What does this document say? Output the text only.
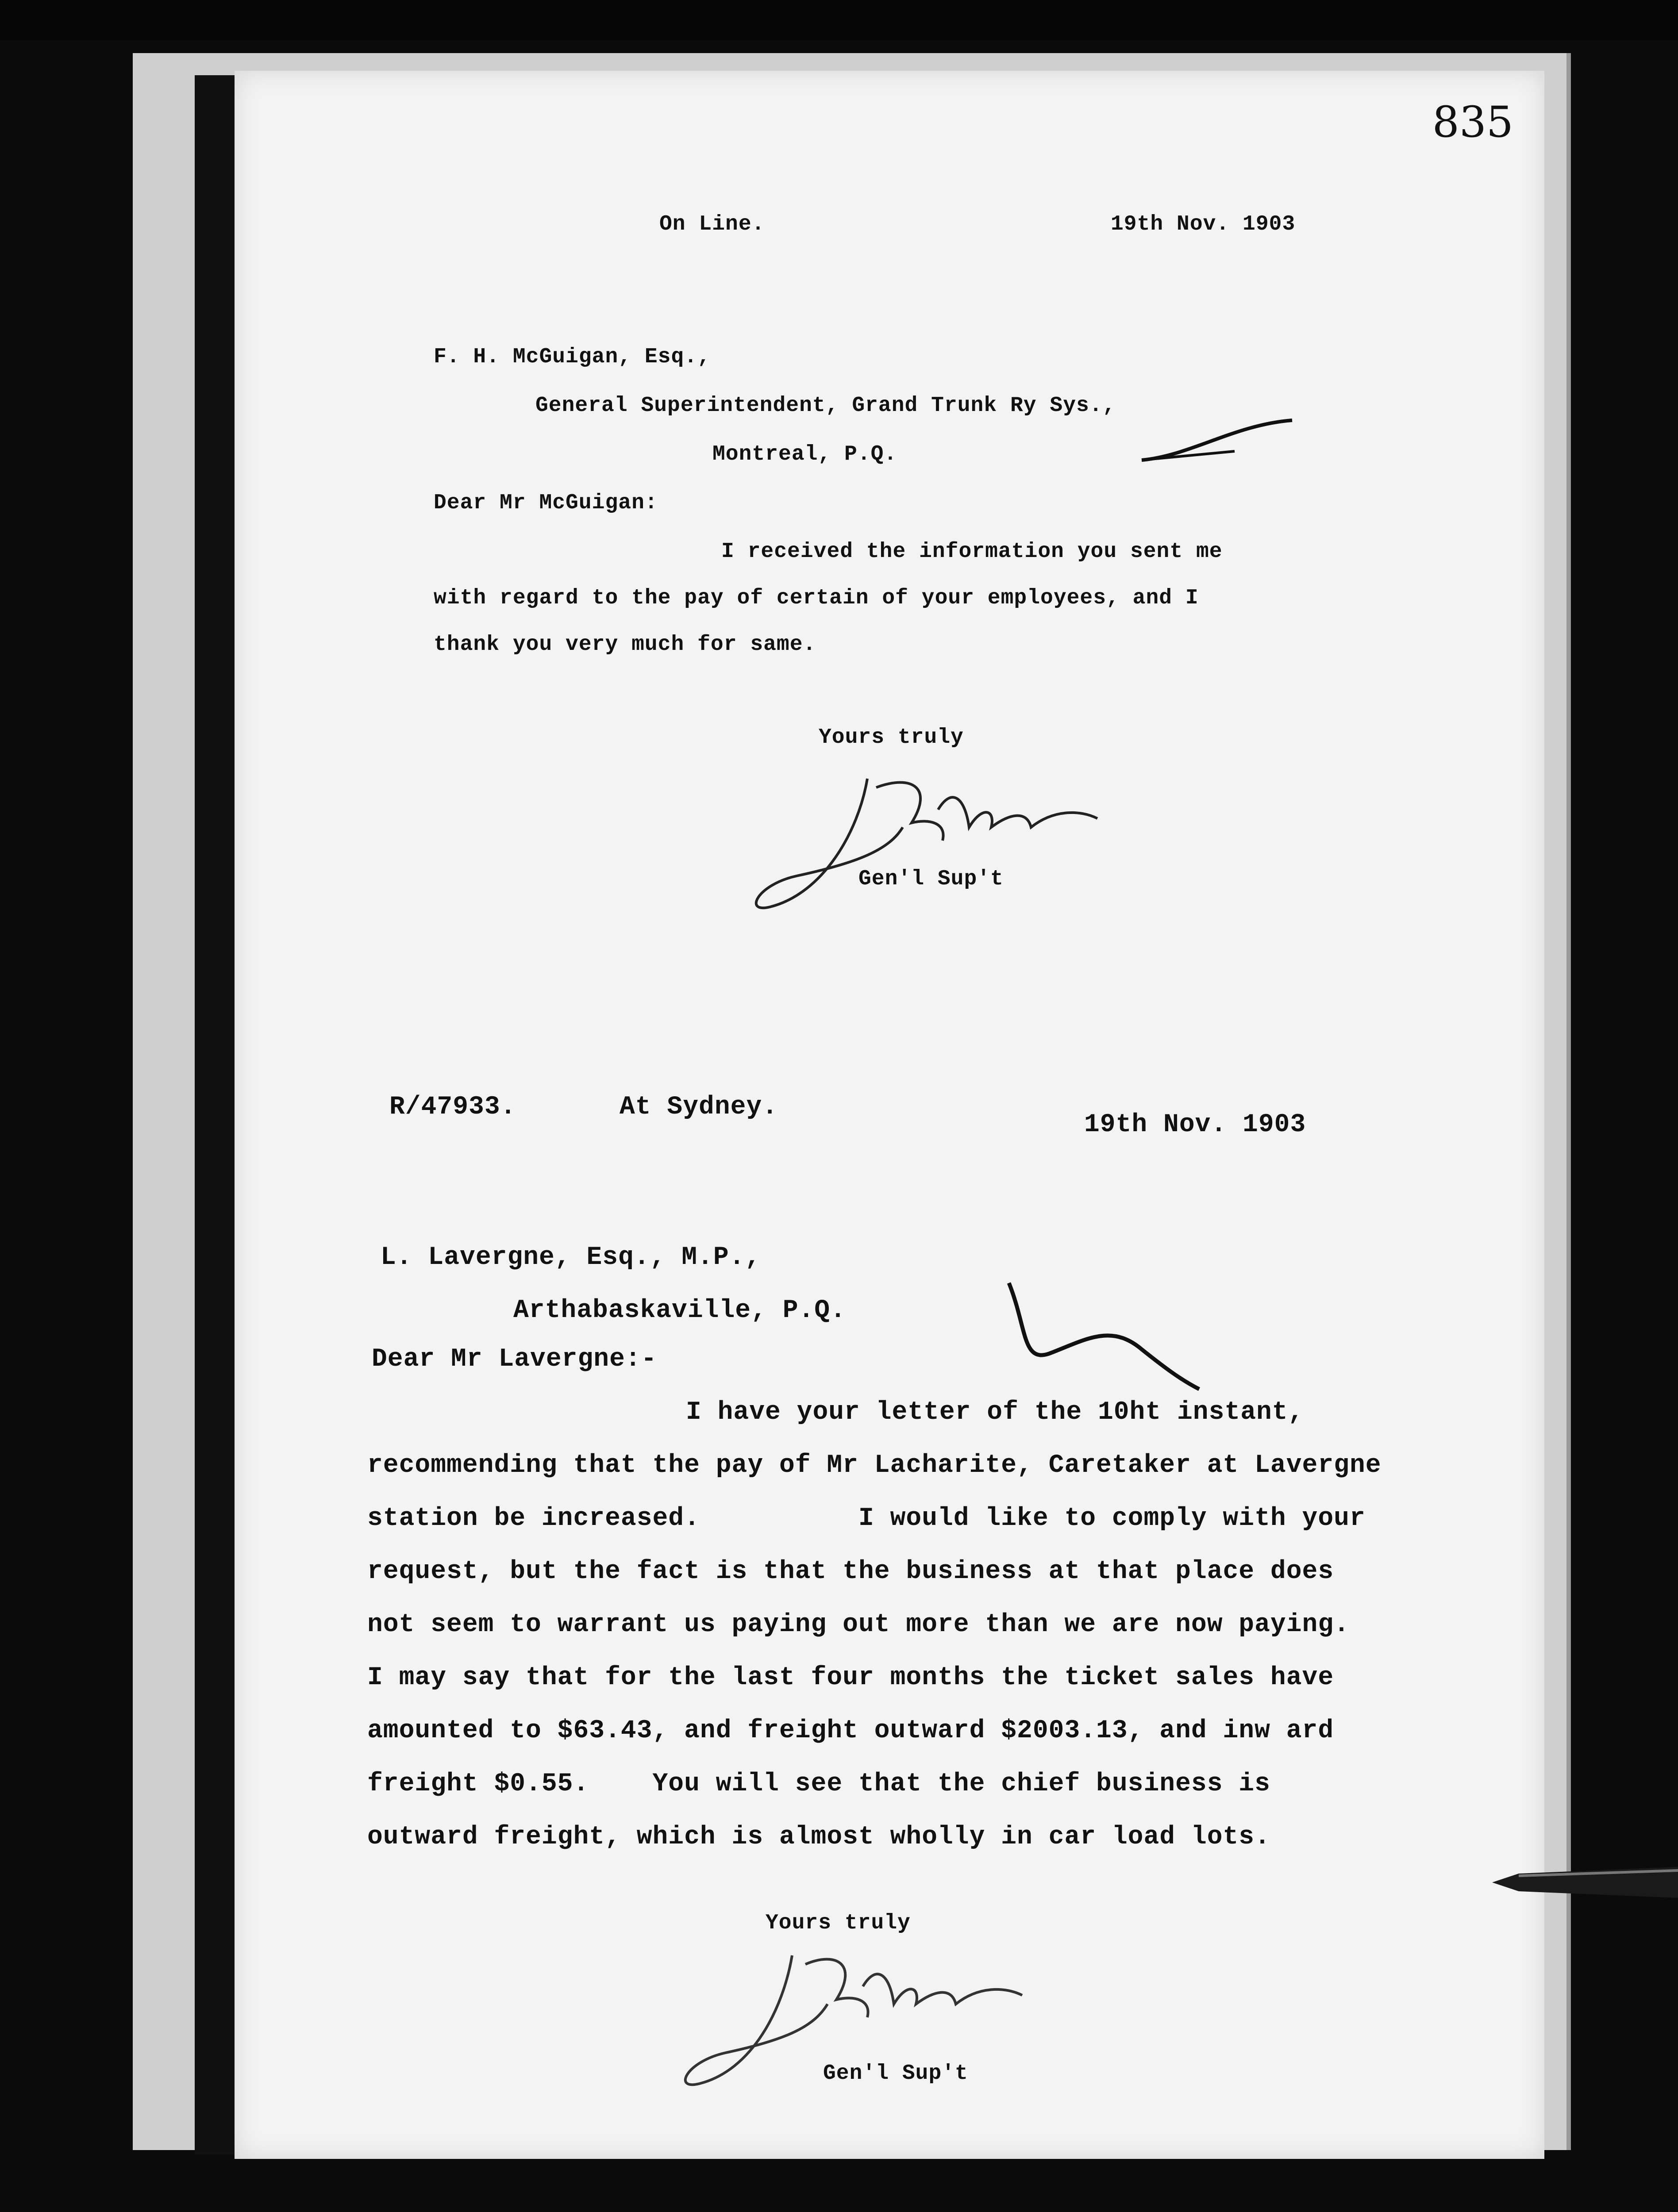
835
On Line.	19th Nov. 1903
F. H. McGuigan, Esq.,
General Superintendent, Grand Trunk Ry Sys.,
Montreal, P.Q.
Dear Mr McGuigan:
I received the information you sent me
with regard to the pay of certain of your employees, and I
thank you very much for same.
Yours truly
Gen'l Sup't
R/47933.	At Sydney.
19th Nov. 1903
L. Lavergne, Esq., M.P.,
Arthabaskaville, P.Q.
Dear Mr Lavergne:-
I have your letter of the 10ht instant,
recommending that the pay of Mr Lacharite, Caretaker at Lavergne
station be increased.          I would like to comply with your
request, but the fact is that the business at that place does
not seem to warrant us paying out more than we are now paying.
I may say that for the last four months the ticket sales have
amounted to $63.43, and freight outward $2003.13, and inw ard
freight $0.55.    You will see that the chief business is
outward freight, which is almost wholly in car load lots.
Yours truly
Gen'l Sup't
